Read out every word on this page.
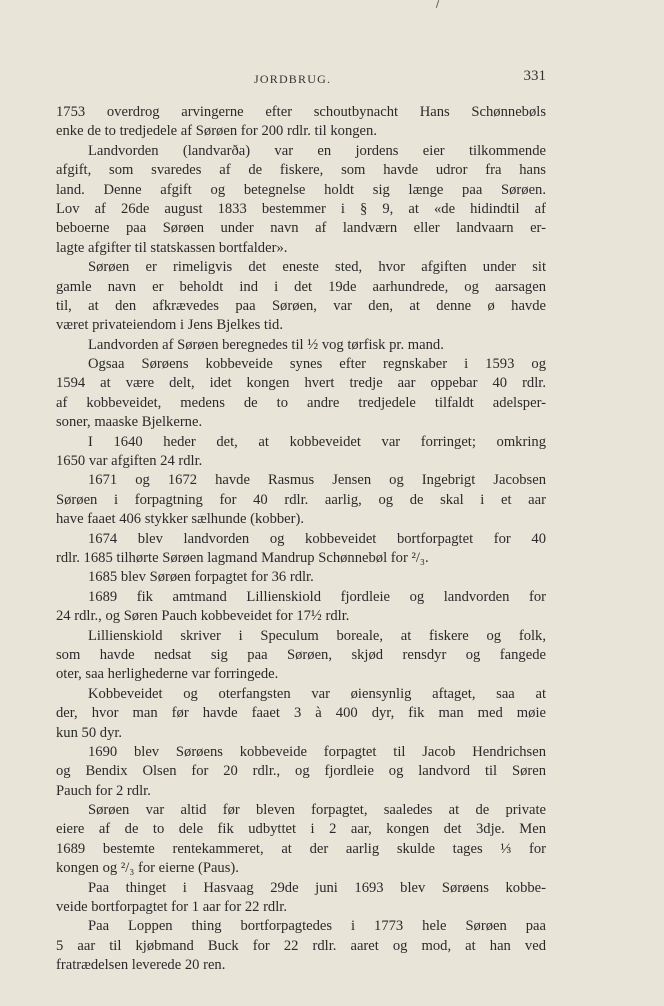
JORDBRUG.	331
1753 overdrog arvingerne efter schoutbynacht Hans Schønnebøls
enke de to tredjedele af Sørøen for 200 rdlr. til kongen.
Landvorden (landvarða) var en jordens eier tilkommende
afgift, som svaredes af de fiskere, som havde udror fra hans
land. Denne afgift og betegnelse holdt sig længe paa Sørøen.
Lov af 26de august 1833 bestemmer i § 9, at «de hidindtil af
beboerne paa Sørøen under navn af landværn eller landvaarn er-
lagte afgifter til statskassen bortfalder».
Sørøen er rimeligvis det eneste sted, hvor afgiften under sit
gamle navn er beholdt ind i det 19de aarhundrede, og aarsagen
til, at den afkrævedes paa Sørøen, var den, at denne ø havde
været privateiendom i Jens Bjelkes tid.
Landvorden af Sørøen beregnedes til ½ vog tørfisk pr. mand.
Ogsaa Sørøens kobbeveide synes efter regnskaber i 1593 og
1594 at være delt, idet kongen hvert tredje aar oppebar 40 rdlr.
af kobbeveidet, medens de to andre tredjedele tilfaldt adelsper-
soner, maaske Bjelkerne.
I 1640 heder det, at kobbeveidet var forringet; omkring
1650 var afgiften 24 rdlr.
1671 og 1672 havde Rasmus Jensen og Ingebrigt Jacobsen
Sørøen i forpagtning for 40 rdlr. aarlig, og de skal i et aar
have faaet 406 stykker sælhunde (kobber).
1674 blev landvorden og kobbeveidet bortforpagtet for 40
rdlr. 1685 tilhørte Sørøen lagmand Mandrup Schønnebøl for ²/₃.
1685 blev Sørøen forpagtet for 36 rdlr.
1689 fik amtmand Lillienskiold fjordleie og landvorden for
24 rdlr., og Søren Pauch kobbeveidet for 17½ rdlr.
Lillienskiold skriver i Speculum boreale, at fiskere og folk,
som havde nedsat sig paa Sørøen, skjød rensdyr og fangede
oter, saa herlighederne var forringede.
Kobbeveidet og oterfangsten var øiensynlig aftaget, saa at
der, hvor man før havde faaet 3 à 400 dyr, fik man med møie
kun 50 dyr.
1690 blev Sørøens kobbeveide forpagtet til Jacob Hendrichsen
og Bendix Olsen for 20 rdlr., og fjordleie og landvord til Søren
Pauch for 2 rdlr.
Sørøen var altid før bleven forpagtet, saaledes at de private
eiere af de to dele fik udbyttet i 2 aar, kongen det 3dje. Men
1689 bestemte rentekammeret, at der aarlig skulde tages ⅓ for
kongen og ²/₃ for eierne (Paus).
Paa thinget i Hasvaag 29de juni 1693 blev Sørøens kobbe-
veide bortforpagtet for 1 aar for 22 rdlr.
Paa Loppen thing bortforpagtedes i 1773 hele Sørøen paa
5 aar til kjøbmand Buck for 22 rdlr. aaret og mod, at han ved
fratrædelsen leverede 20 ren.
